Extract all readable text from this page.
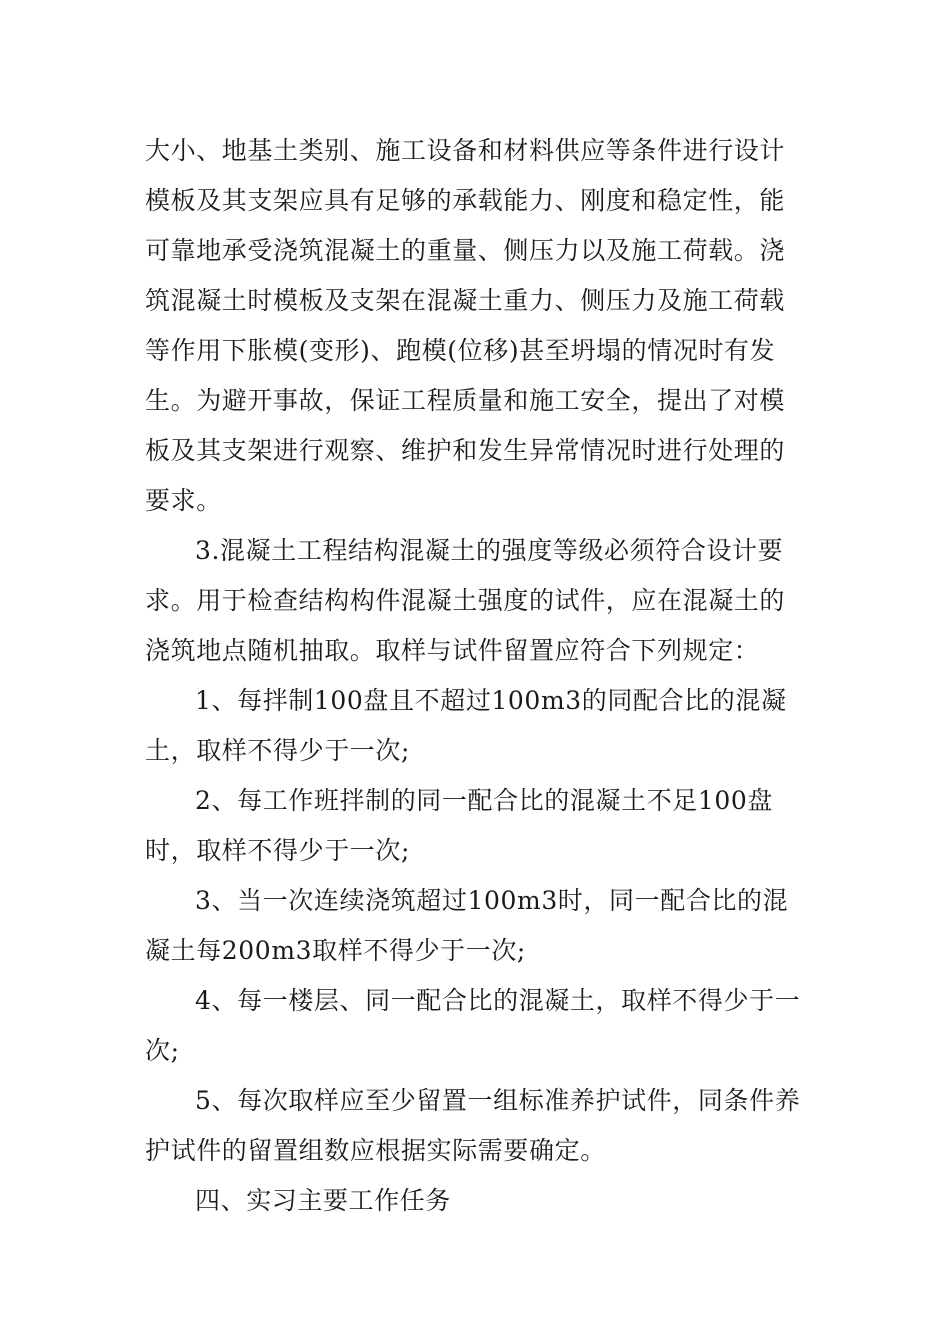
大小、地基土类别、施工设备和材料供应等条件进行设计模板及其支架应具有足够的承载能力、刚度和稳定性，能可靠地承受浇筑混凝土的重量、侧压力以及施工荷载。浇筑混凝土时模板及支架在混凝土重力、侧压力及施工荷载等作用下胀模(变形)、跑模(位移)甚至坍塌的情况时有发生。为避开事故，保证工程质量和施工安全，提出了对模板及其支架进行观察、维护和发生异常情况时进行处理的要求。

3.混凝土工程结构混凝土的强度等级必须符合设计要求。用于检查结构构件混凝土强度的试件，应在混凝土的浇筑地点随机抽取。取样与试件留置应符合下列规定：

1、每拌制100盘且不超过100m3的同配合比的混凝土，取样不得少于一次;

2、每工作班拌制的同一配合比的混凝土不足100盘时，取样不得少于一次;

3、当一次连续浇筑超过100m3时，同一配合比的混凝土每200m3取样不得少于一次;

4、每一楼层、同一配合比的混凝土，取样不得少于一次;

5、每次取样应至少留置一组标准养护试件，同条件养护试件的留置组数应根据实际需要确定。

四、实习主要工作任务
